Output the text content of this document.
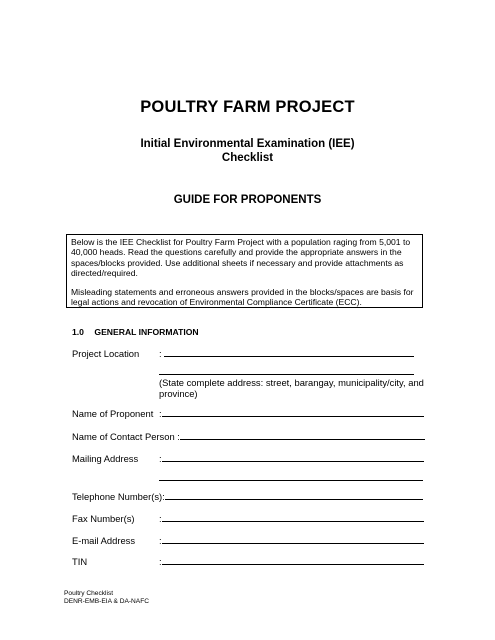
POULTRY FARM PROJECT
Initial Environmental Examination (IEE)
Checklist
GUIDE FOR PROPONENTS

Below is the IEE Checklist for Poultry Farm Project with a population raging from 5,001 to 40,000 heads. Read the questions carefully and provide the appropriate answers in the spaces/blocks provided. Use additional sheets if necessary and provide attachments as directed/required.

Misleading statements and erroneous answers provided in the blocks/spaces are basis for legal actions and revocation of Environmental Compliance Certificate (ECC).

1.0 GENERAL INFORMATION
Project Location :
(State complete address: street, barangay, municipality/city, and province)
Name of Proponent :
Name of Contact Person :
Mailing Address :
Telephone Number(s):
Fax Number(s)	:
E-mail Address	:
TIN	:
Poultry Checklist
DENR-EMB-EIA & DA-NAFC
